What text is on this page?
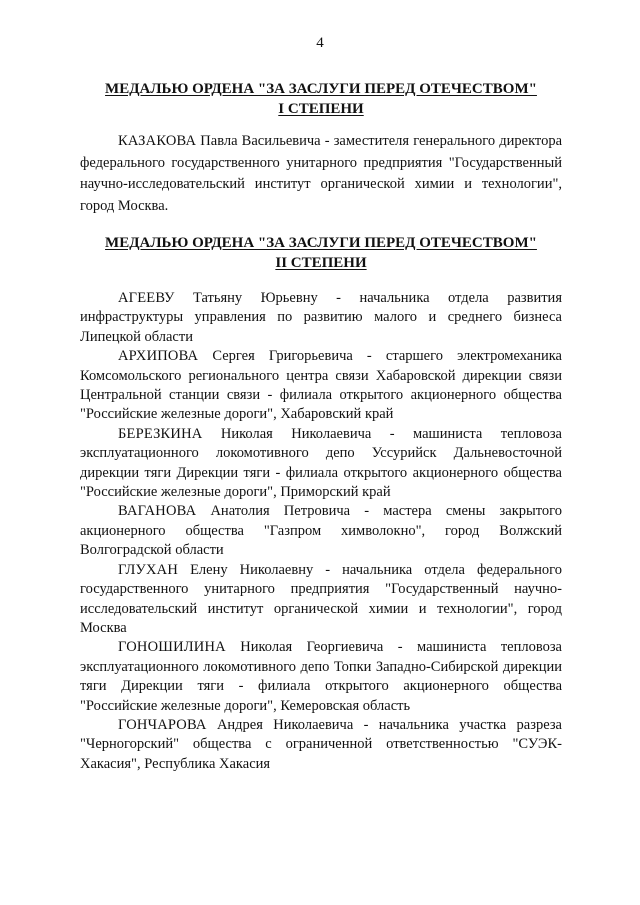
4
МЕДАЛЬЮ ОРДЕНА "ЗА ЗАСЛУГИ ПЕРЕД ОТЕЧЕСТВОМ"
I СТЕПЕНИ

КАЗАКОВА Павла Васильевича - заместителя генерального директора федерального государственного унитарного предприятия "Государственный научно-исследовательский институт органической химии и технологии", город Москва.

МЕДАЛЬЮ ОРДЕНА "ЗА ЗАСЛУГИ ПЕРЕД ОТЕЧЕСТВОМ"
II СТЕПЕНИ

АГЕЕВУ Татьяну Юрьевну - начальника отдела развития инфраструктуры управления по развитию малого и среднего бизнеса Липецкой области

АРХИПОВА Сергея Григорьевича - старшего электромеханика Комсомольского регионального центра связи Хабаровской дирекции связи Центральной станции связи - филиала открытого акционерного общества "Российские железные дороги", Хабаровский край

БЕРЕЗКИНА Николая Николаевича - машиниста тепловоза эксплуатационного локомотивного депо Уссурийск Дальневосточной дирекции тяги Дирекции тяги - филиала открытого акционерного общества "Российские железные дороги", Приморский край

ВАГАНОВА Анатолия Петровича - мастера смены закрытого акционерного общества "Газпром химволокно", город Волжский Волгоградской области

ГЛУХАН Елену Николаевну - начальника отдела федерального государственного унитарного предприятия "Государственный научно-исследовательский институт органической химии и технологии", город Москва

ГОНОШИЛИНА Николая Георгиевича - машиниста тепловоза эксплуатационного локомотивного депо Топки Западно-Сибирской дирекции тяги Дирекции тяги - филиала открытого акционерного общества "Российские железные дороги", Кемеровская область

ГОНЧАРОВА Андрея Николаевича - начальника участка разреза "Черногорский" общества с ограниченной ответственностью "СУЭК-Хакасия", Республика Хакасия
